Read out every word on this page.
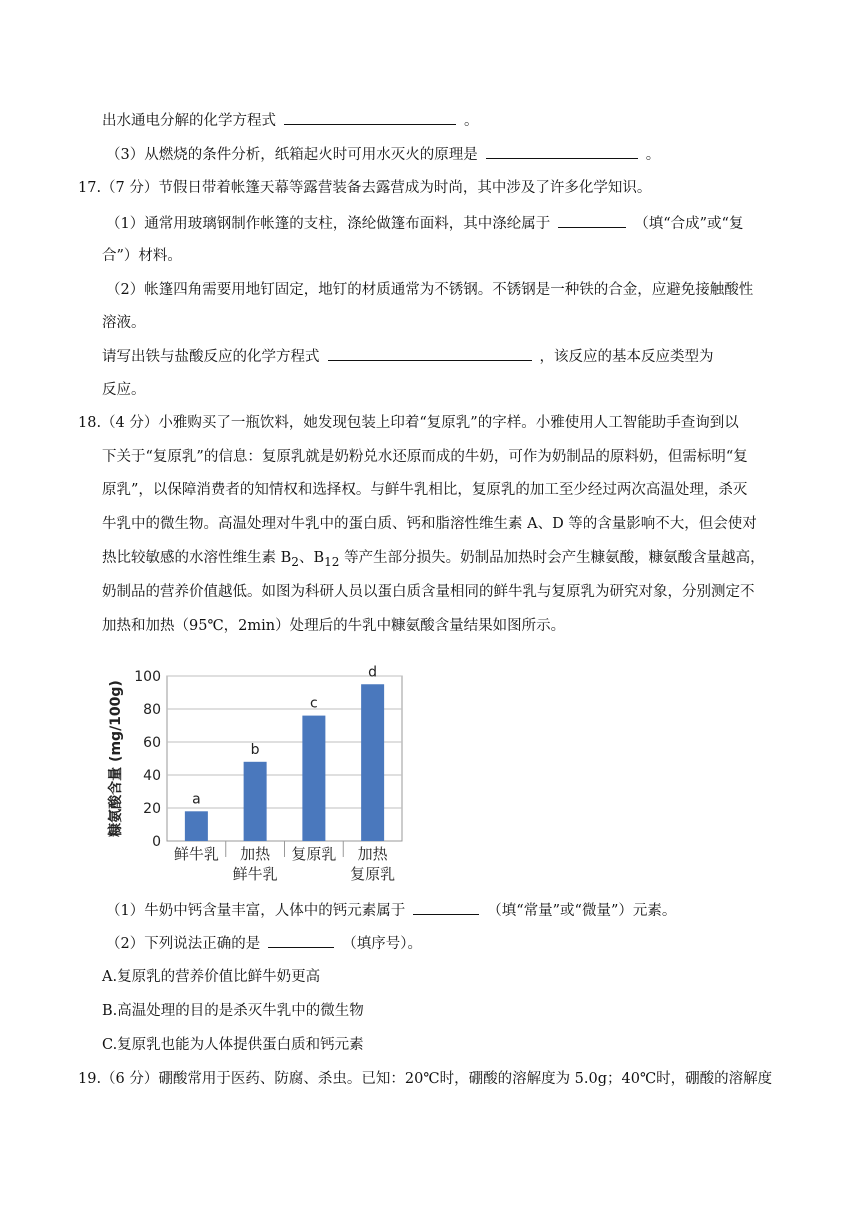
出水通电分解的化学方程式	。
（3）从燃烧的条件分析，纸箱起火时可用水灭火的原理是	。
17.（7 分）节假日带着帐篷天幕等露营装备去露营成为时尚，其中涉及了许多化学知识。
（1）通常用玻璃钢制作帐篷的支柱，涤纶做篷布面料，其中涤纶属于	（填“合成”或“复
合”）材料。
（2）帐篷四角需要用地钉固定，地钉的材质通常为不锈钢。不锈钢是一种铁的合金，应避免接触酸性
溶液。
请写出铁与盐酸反应的化学方程式	，该反应的基本反应类型为
反应。
18.（4 分）小雅购买了一瓶饮料，她发现包装上印着“复原乳”的字样。小雅使用人工智能助手查询到以
下关于“复原乳”的信息：复原乳就是奶粉兑水还原而成的牛奶，可作为奶制品的原料奶，但需标明“复
原乳”，以保障消费者的知情权和选择权。与鲜牛乳相比，复原乳的加工至少经过两次高温处理，杀灭
牛乳中的微生物。高温处理对牛乳中的蛋白质、钙和脂溶性维生素 A、D 等的含量影响不大，但会使对
热比较敏感的水溶性维生素 $B_2$、$B_{12}$ 等产生部分损失。奶制品加热时会产生糠氨酸，糠氨酸含量越高，
奶制品的营养价值越低。如图为科研人员以蛋白质含量相同的鲜牛乳与复原乳为研究对象，分别测定不
加热和加热（95℃，2min）处理后的牛乳中糠氨酸含量结果如图所示。
0
20
40
60
80
100
糠氨酸含量 (mg/100g)	a
鲜牛乳
b
加热
鲜牛乳
c
复原乳
d
加热
复原乳
（1）牛奶中钙含量丰富，人体中的钙元素属于	（填“常量”或“微量”）元素。
（2）下列说法正确的是	（填序号）。
A.复原乳的营养价值比鲜牛奶更高
B.高温处理的目的是杀灭牛乳中的微生物
C.复原乳也能为人体提供蛋白质和钙元素
19.（6 分）硼酸常用于医药、防腐、杀虫。已知：20℃时，硼酸的溶解度为 5.0g；40℃时，硼酸的溶解度
